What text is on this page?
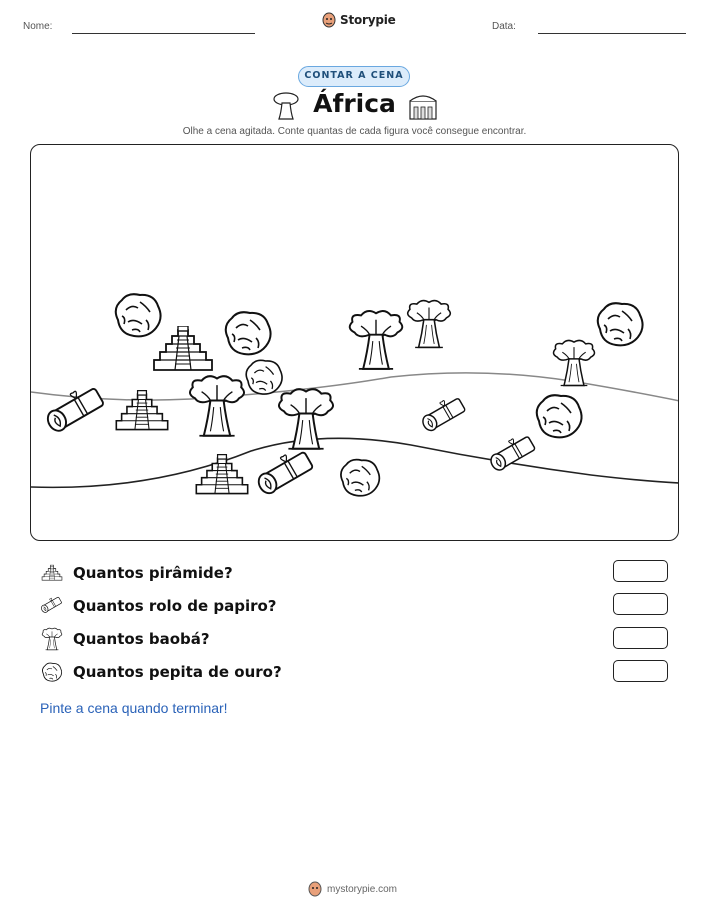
Nome:	Storypie	Data:
CONTAR A CENA
África
Olhe a cena agitada. Conte quantas de cada figura você consegue encontrar.
Quantos pirâmide?
Quantos rolo de papiro?
Quantos baobá?
Quantos pepita de ouro?
Pinte a cena quando terminar!
mystorypie.com
